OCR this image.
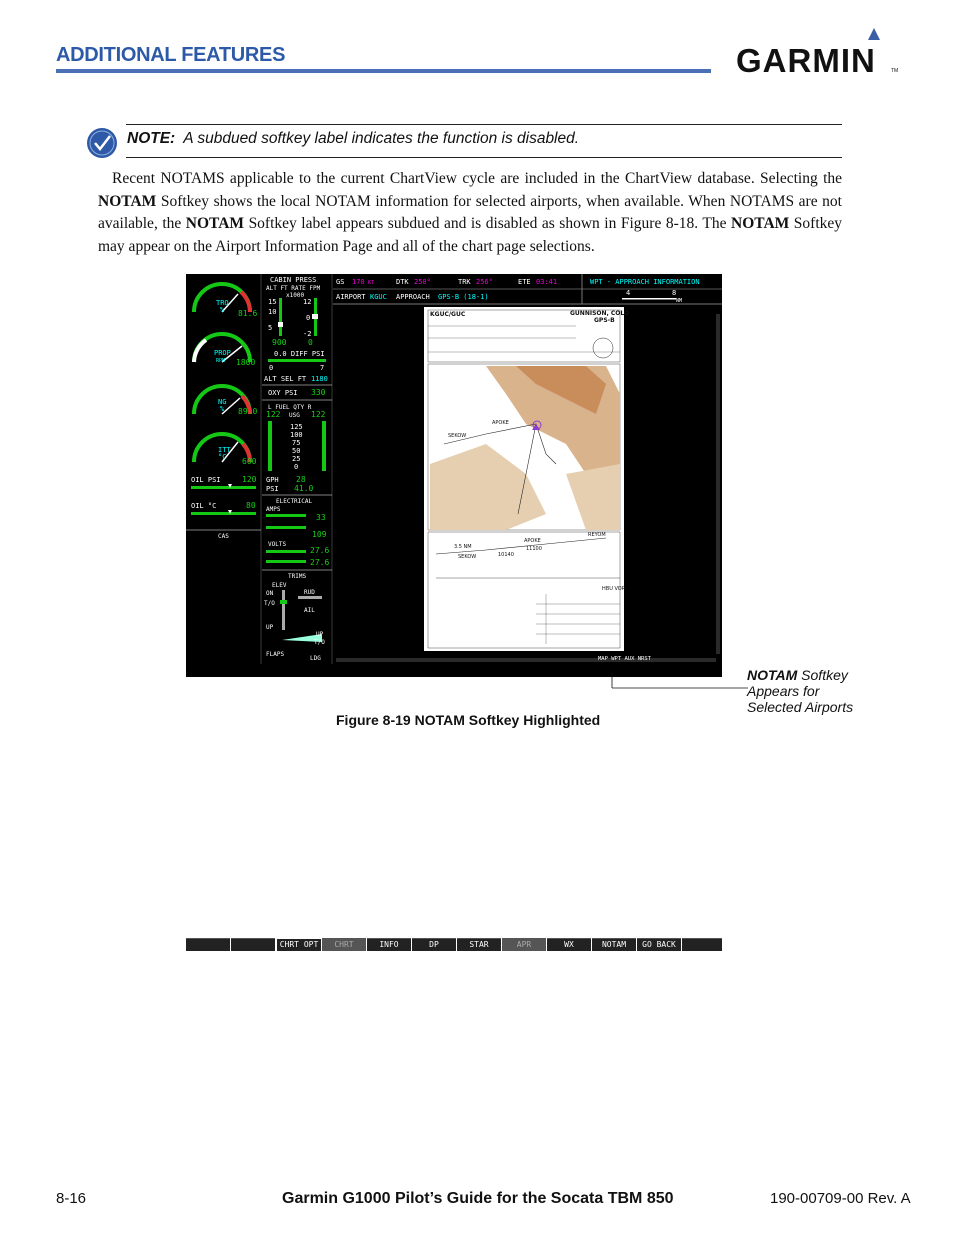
ADDITIONAL FEATURES	GARMIN	TM
NOTE: A subdued softkey label indicates the function is disabled.
Recent NOTAMS applicable to the current ChartView cycle are included in the ChartView database. Selecting the NOTAM Softkey shows the local NOTAM information for selected airports, when available. When NOTAMS are not available, the NOTAM Softkey label appears subdued and is disabled as shown in Figure 8-18. The NOTAM Softkey may appear on the Airport Information Page and all of the chart page selections.
TRQ
% 81.6
PROP
RPM 1800
NG
% 89.0
ITT
°C 600
OIL PSI	120
OIL °C	80
CAS
CABIN PRESS
ALT FT RATE FPM
x1000
15
10
5
12
0
-2
900	0
0.0 DIFF PSI
0	7
ALT SEL FT 1180
OXY PSI 330
L FUEL QTY R
122 USG 122
125
100
75
50
25
0
GPH 28
PSI 41.0
ELECTRICAL
AMPS
33
109
VOLTS
27.6
27.6
TRIMS
ELEV
ON
T/O
UP
RUD
AIL
UP
T/O
FLAPS
LDG
GS 170 KT	DTK 250°	TRK 256°	ETE 03:41	WPT - APPROACH INFORMATION
AIRPORT KGUC APPROACH GPS-B (18-1)	4	8
NM
KGUC/GUC	GUNNISON, COLO
GPS-B
SEKOW
APOKE
3.5 NM
SEKOW
APOKE
REYOM
10140
11100
HBU VOR
MAP WPT AUX NRST
CHRT OPT	CHRT	INFO	DP	STAR	APR	WX	NOTAM	GO BACK
NOTAM Softkey
Appears for
Selected Airports
Figure 8-19 NOTAM Softkey Highlighted
8-16	Garmin G1000 Pilot’s Guide for the Socata TBM 850	190-00709-00 Rev. A
